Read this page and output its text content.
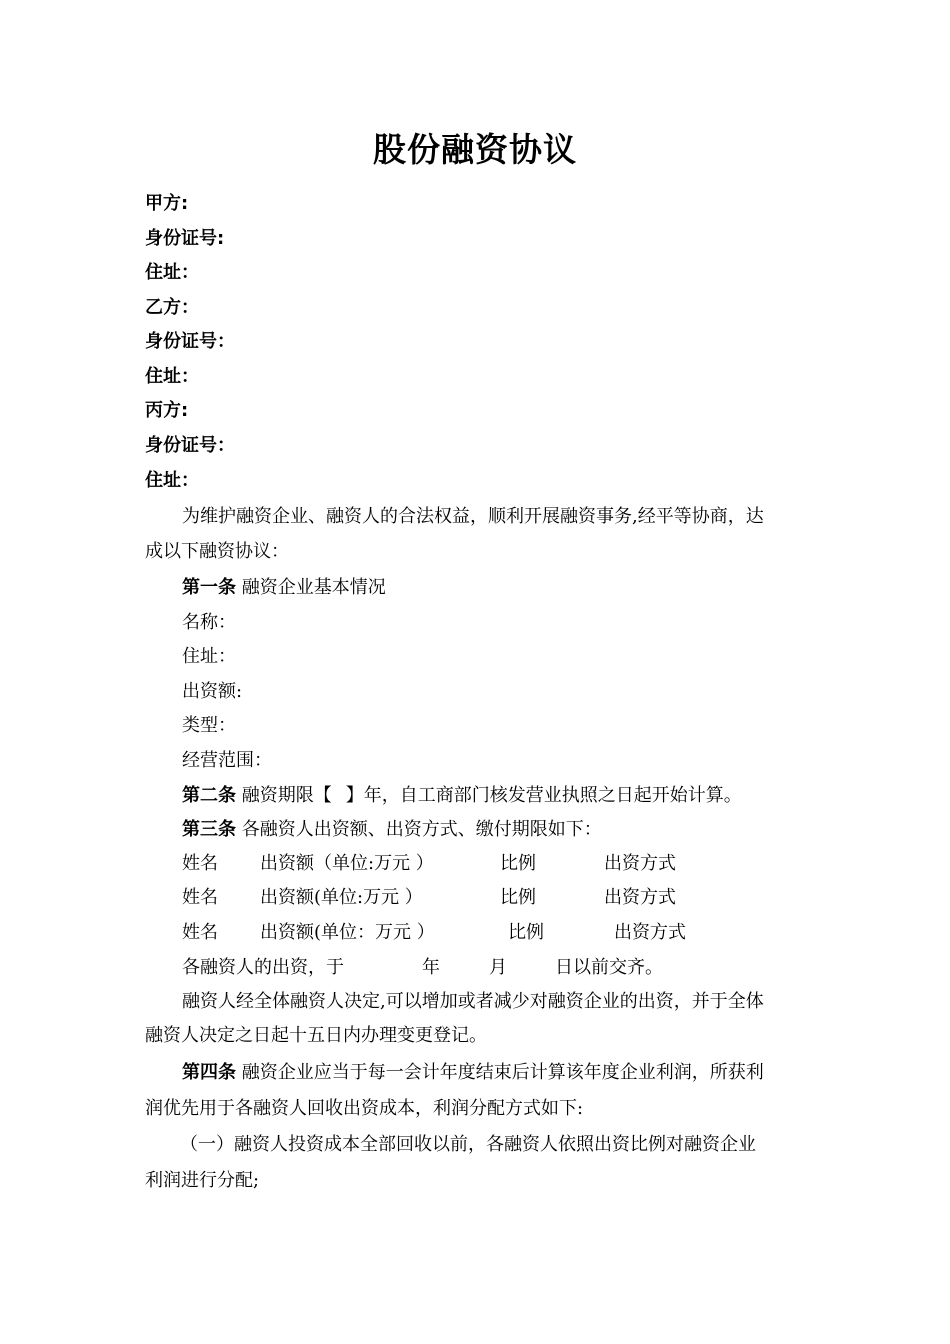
股份融资协议
甲方:
身份证号:
住址：
乙方：
身份证号：
住址：
丙方:
身份证号：
住址：
为维护融资企业、融资人的合法权益，顺利开展融资事务,经平等协商，达
成以下融资协议：
第一条 融资企业基本情况
名称：
住址：
出资额:
类型：
经营范围：
第二条 融资期限【 】年，自工商部门核发营业执照之日起开始计算。
第三条 各融资人出资额、出资方式、缴付期限如下：
姓名 出资额（单位:万元 ）	比例	出资方式
姓名 出资额(单位:万元 ）	比例	出资方式
姓名 出资额(单位：万元 ）	比例	出资方式
各融资人的出资，于	年	月	日以前交齐。
融资人经全体融资人决定,可以增加或者减少对融资企业的出资，并于全体
融资人决定之日起十五日内办理变更登记。
第四条 融资企业应当于每一会计年度结束后计算该年度企业利润，所获利
润优先用于各融资人回收出资成本，利润分配方式如下:
（一）融资人投资成本全部回收以前，各融资人依照出资比例对融资企业
利润进行分配;
